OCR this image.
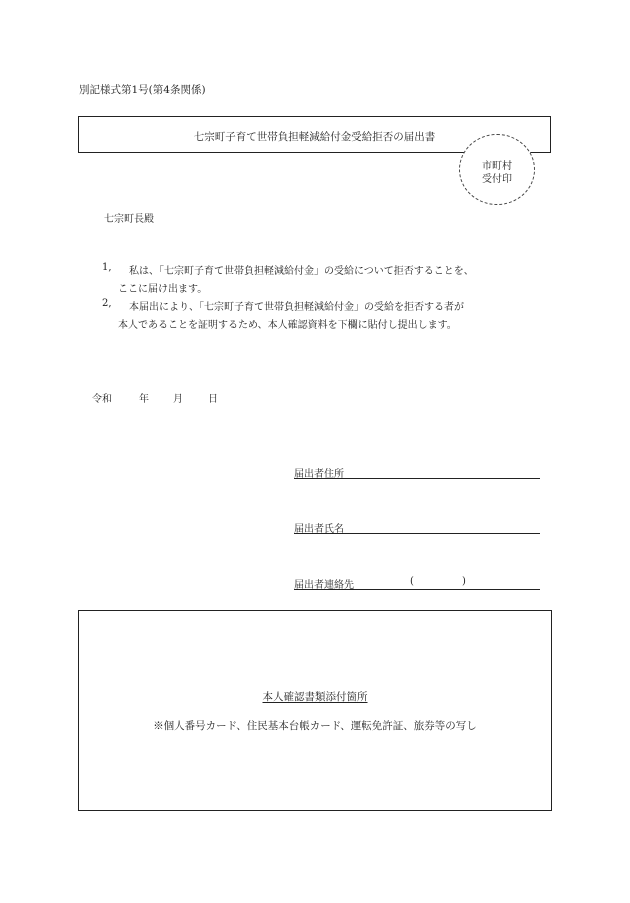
別記様式第1号(第4条関係)
七宗町子育て世帯負担軽減給付金受給拒否の届出書
市町村
受付印
七宗町長殿
1, 私は、「七宗町子育て世帯負担軽減給付金」の受給について拒否することを、
ここに届け出ます。
2, 本届出により、「七宗町子育て世帯負担軽減給付金」の受給を拒否する者が
本人であることを証明するため、本人確認資料を下欄に貼付し提出します。
令和	年 月	日
届出者住所
届出者氏名
届出者連絡先	(	)
本人確認書類添付箇所
※個人番号カード、住民基本台帳カード、運転免許証、旅券等の写し
